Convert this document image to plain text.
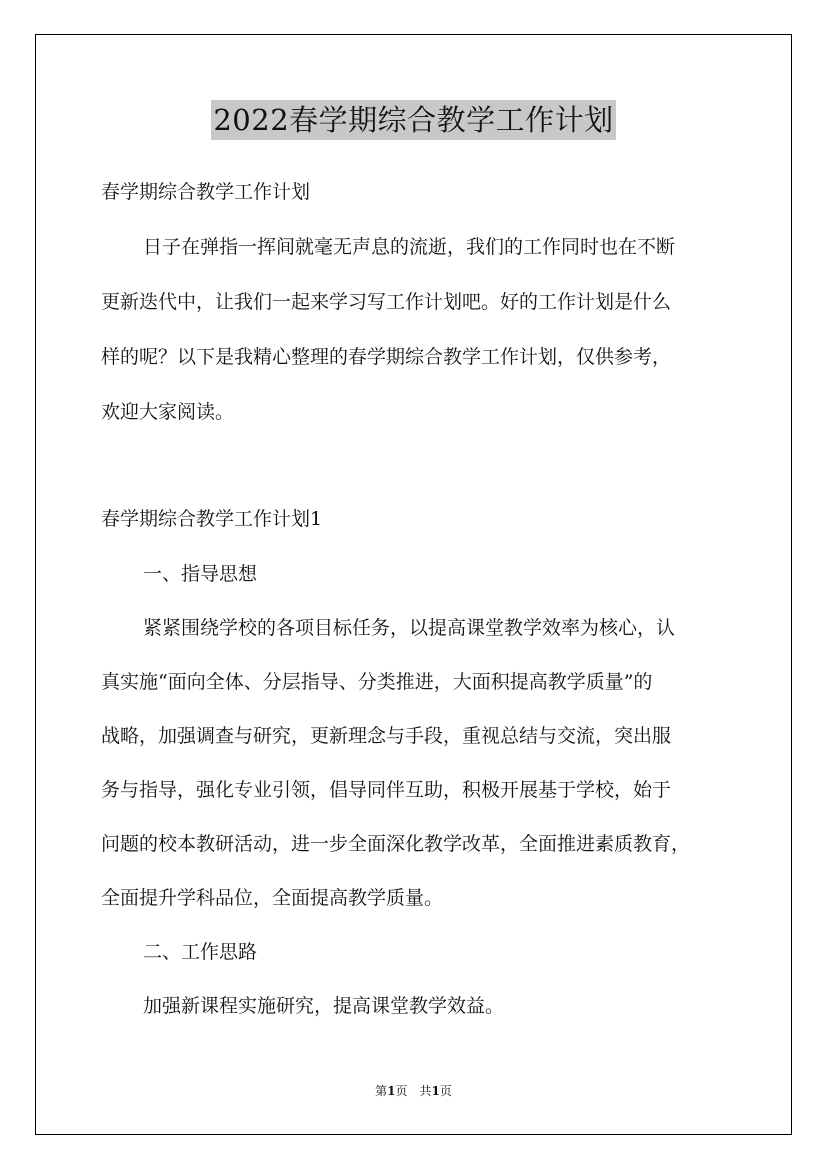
2022春学期综合教学工作计划
春学期综合教学工作计划
日子在弹指一挥间就毫无声息的流逝，我们的工作同时也在不断
更新迭代中，让我们一起来学习写工作计划吧。好的工作计划是什么
样的呢？以下是我精心整理的春学期综合教学工作计划，仅供参考，
欢迎大家阅读。
春学期综合教学工作计划1
一、指导思想
紧紧围绕学校的各项目标任务，以提高课堂教学效率为核心，认
真实施“面向全体、分层指导、分类推进，大面积提高教学质量”的
战略，加强调查与研究，更新理念与手段，重视总结与交流，突出服
务与指导，强化专业引领，倡导同伴互助，积极开展基于学校，始于
问题的校本教研活动，进一步全面深化教学改革，全面推进素质教育，
全面提升学科品位，全面提高教学质量。
二、工作思路
加强新课程实施研究，提高课堂教学效益。
第1页　共1页
